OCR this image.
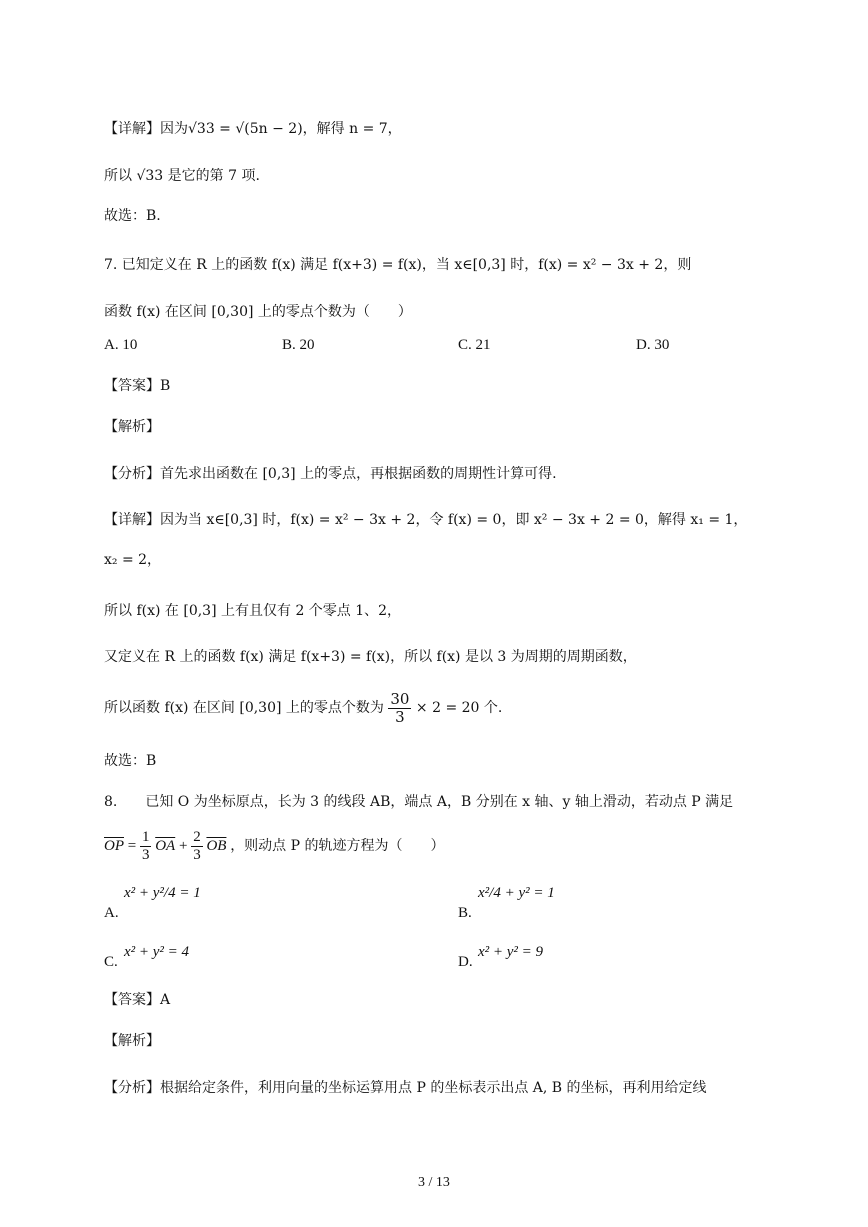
【详解】因为√33 = √(5n − 2)，解得 n = 7，
所以 √33 是它的第 7 项.
故选：B.
7. 已知定义在 R 上的函数 f(x) 满足 f(x+3) = f(x)，当 x∈[0,3] 时，f(x) = x² − 3x + 2，则
函数 f(x) 在区间 [0,30] 上的零点个数为（　　）
A. 10	B. 20	C. 21	D. 30
【答案】B
【解析】
【分析】首先求出函数在 [0,3] 上的零点，再根据函数的周期性计算可得.
【详解】因为当 x∈[0,3] 时，f(x) = x² − 3x + 2，令 f(x) = 0，即 x² − 3x + 2 = 0，解得 x₁ = 1，
x₂ = 2，
所以 f(x) 在 [0,3] 上有且仅有 2 个零点 1、2，
又定义在 R 上的函数 f(x) 满足 f(x+3) = f(x)，所以 f(x) 是以 3 为周期的周期函数，
所以函数 f(x) 在区间 [0,30] 上的零点个数为 $\frac{30}{3} \times 2 = 20$ 个.
故选：B
8.　　已知 O 为坐标原点，长为 3 的线段 AB，端点 A，B 分别在 x 轴、y 轴上滑动，若动点 P 满足
$\overline{OP} = \frac{1}{3} \overline{OA} + \frac{2}{3} \overline{OB}$ ，则动点 P 的轨迹方程为（　　）
A.
x² + y²/4 = 1
B.
x²/4 + y² = 1
C.
x² + y² = 4
D.
x² + y² = 9
【答案】A
【解析】
【分析】根据给定条件，利用向量的坐标运算用点 P 的坐标表示出点 A, B 的坐标，再利用给定线
3 / 13
